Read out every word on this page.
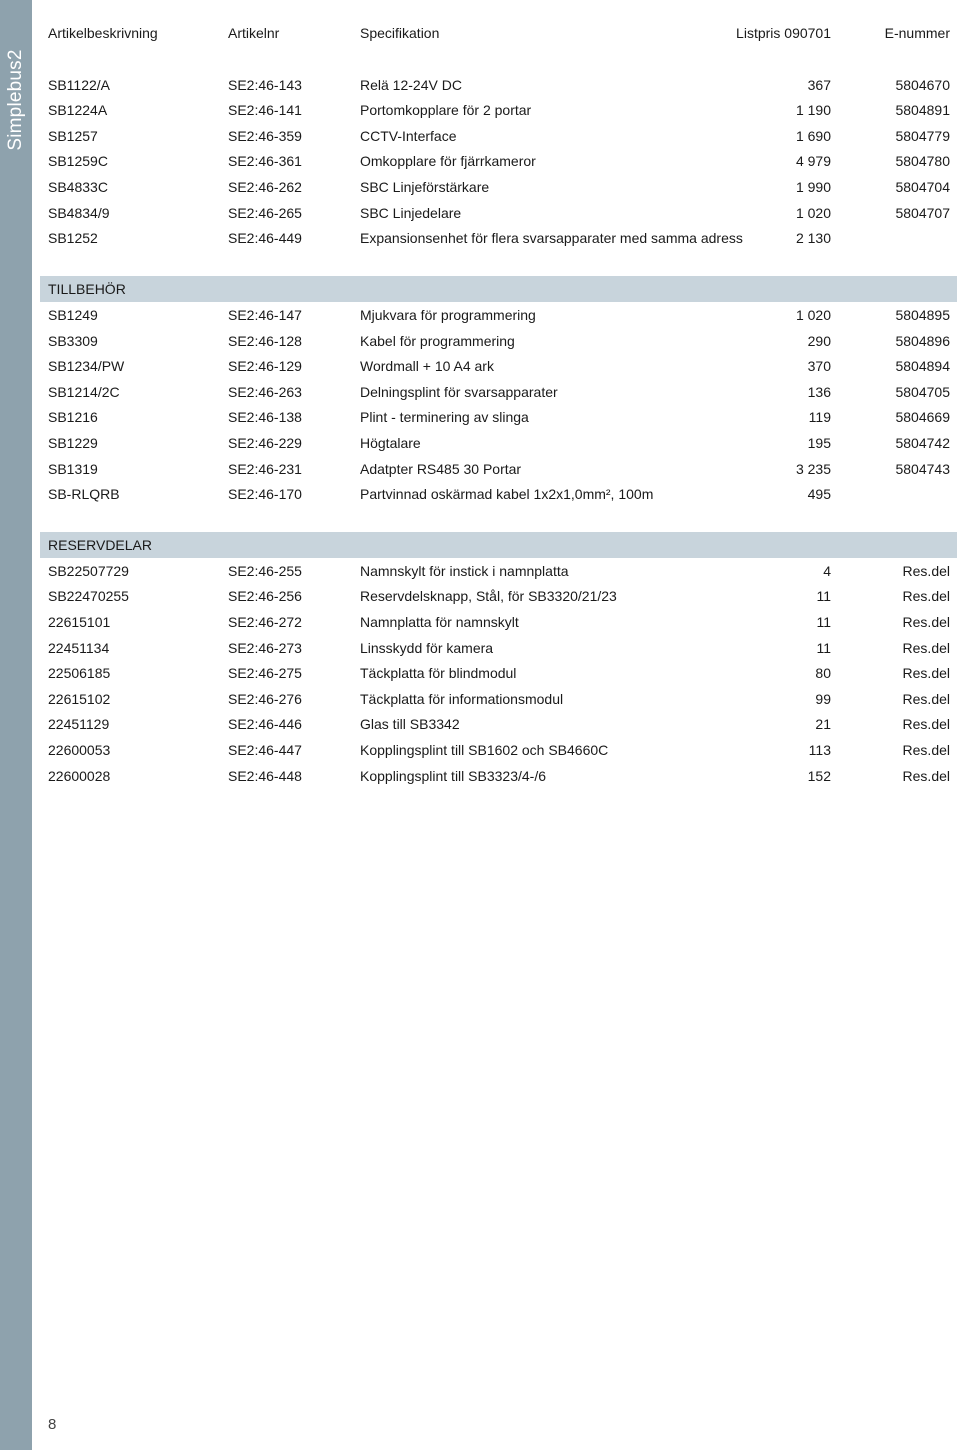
Simplebus2
Artikelbeskrivning	Artikelnr	Specifikation	Listpris 090701	E-nummer
SB1122/A	SE2:46-143	Relä 12-24V DC	367	5804670
SB1224A	SE2:46-141	Portomkopplare för 2 portar	1 190	5804891
SB1257	SE2:46-359	CCTV-Interface	1 690	5804779
SB1259C	SE2:46-361	Omkopplare för fjärrkameror	4 979	5804780
SB4833C	SE2:46-262	SBC Linjeförstärkare	1 990	5804704
SB4834/9	SE2:46-265	SBC Linjedelare	1 020	5804707
SB1252	SE2:46-449	Expansionsenhet för flera svarsapparater med samma adress	2 130
TILLBEHÖR
SB1249	SE2:46-147	Mjukvara för programmering	1 020	5804895
SB3309	SE2:46-128	Kabel för programmering	290	5804896
SB1234/PW	SE2:46-129	Wordmall + 10 A4 ark	370	5804894
SB1214/2C	SE2:46-263	Delningsplint för svarsapparater	136	5804705
SB1216	SE2:46-138	Plint - terminering av slinga	119	5804669
SB1229	SE2:46-229	Högtalare	195	5804742
SB1319	SE2:46-231	Adatpter RS485 30 Portar	3 235	5804743
SB-RLQRB	SE2:46-170	Partvinnad oskärmad kabel 1x2x1,0mm², 100m	495
RESERVDELAR
SB22507729	SE2:46-255	Namnskylt för instick i namnplatta	4	Res.del
SB22470255	SE2:46-256	Reservdelsknapp, Stål, för SB3320/21/23	11	Res.del
22615101	SE2:46-272	Namnplatta för namnskylt	11	Res.del
22451134	SE2:46-273	Linsskydd för kamera	11	Res.del
22506185	SE2:46-275	Täckplatta för blindmodul	80	Res.del
22615102	SE2:46-276	Täckplatta för informationsmodul	99	Res.del
22451129	SE2:46-446	Glas till SB3342	21	Res.del
22600053	SE2:46-447	Kopplingsplint till SB1602 och SB4660C	113	Res.del
22600028	SE2:46-448	Kopplingsplint till SB3323/4-/6	152	Res.del
8
